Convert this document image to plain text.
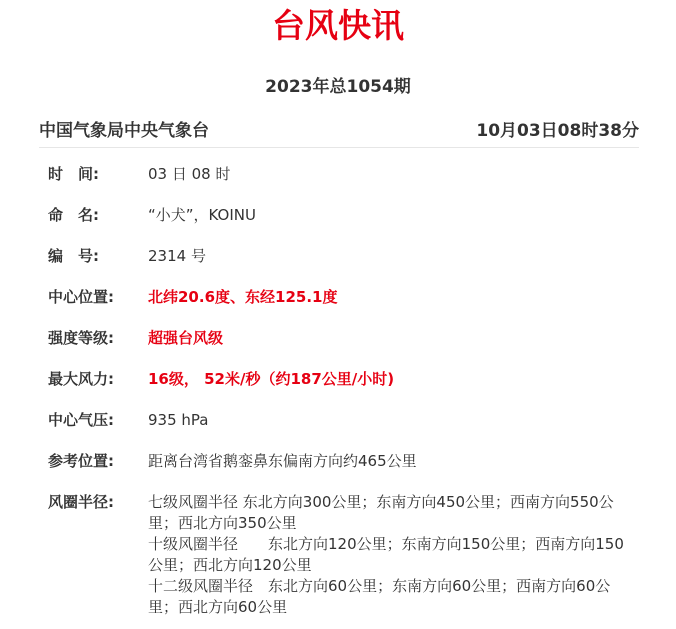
台风快讯
2023年总1054期
中国气象局中央气象台	10月03日08时38分
时　间:	03 日 08 时
命　名:	“小犬”，KOINU
编　号:	2314 号
中心位置:	北纬20.6度、东经125.1度
强度等级:	超强台风级
最大风力:	16级， 52米/秒（约187公里/小时)
中心气压:	935 hPa
参考位置:	距离台湾省鹅銮鼻东偏南方向约465公里
风圈半径:	七级风圈半径 东北方向300公里；东南方向450公里；西南方向550公里；西北方向350公里
十级风圈半径　　东北方向120公里；东南方向150公里；西南方向150公里；西北方向120公里
十二级风圈半径　东北方向60公里；东南方向60公里；西南方向60公里；西北方向60公里
